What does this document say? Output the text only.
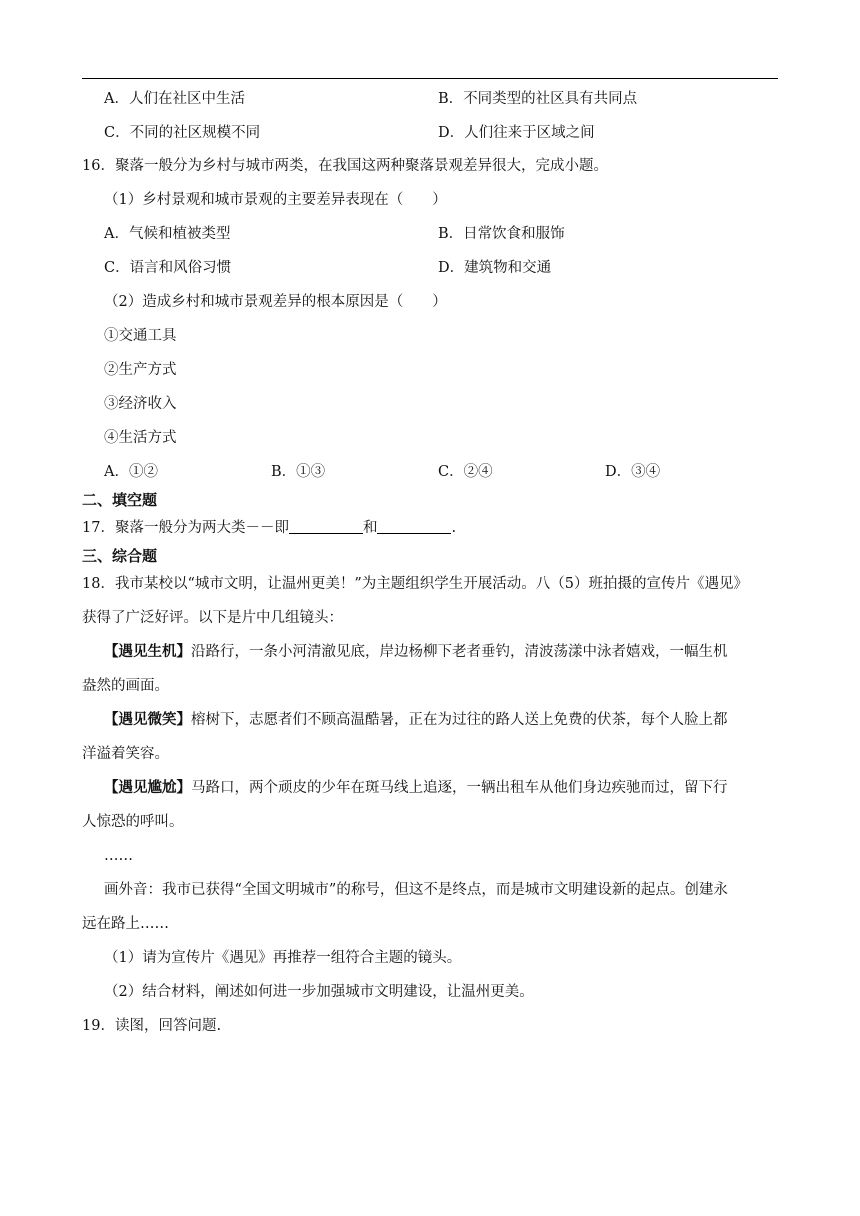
A．人们在社区中生活	B．不同类型的社区具有共同点
C．不同的社区规模不同	D．人们往来于区域之间
16．聚落一般分为乡村与城市两类，在我国这两种聚落景观差异很大，完成小题。
（1）乡村景观和城市景观的主要差异表现在（　　）
A．气候和植被类型	B．日常饮食和服饰
C．语言和风俗习惯	D．建筑物和交通
（2）造成乡村和城市景观差异的根本原因是（　　）
①交通工具
②生产方式
③经济收入
④生活方式
A．①②	B．①③	C．②④	D．③④
二、填空题
17．聚落一般分为两大类－－即	和	.
三、综合题
18．我市某校以“城市文明，让温州更美！”为主题组织学生开展活动。八（5）班拍摄的宣传片《遇见》
获得了广泛好评。以下是片中几组镜头：
【遇见生机】沿路行，一条小河清澈见底，岸边杨柳下老者垂钓，清波荡漾中泳者嬉戏，一幅生机
盎然的画面。
【遇见微笑】榕树下，志愿者们不顾高温酷暑，正在为过往的路人送上免费的伏茶，每个人脸上都
洋溢着笑容。
【遇见尴尬】马路口，两个顽皮的少年在斑马线上追逐，一辆出租车从他们身边疾驰而过，留下行
人惊恐的呼叫。
……
画外音：我市已获得“全国文明城市”的称号，但这不是终点，而是城市文明建设新的起点。创建永
远在路上……
（1）请为宣传片《遇见》再推荐一组符合主题的镜头。
（2）结合材料，阐述如何进一步加强城市文明建设，让温州更美。
19．读图，回答问题.
